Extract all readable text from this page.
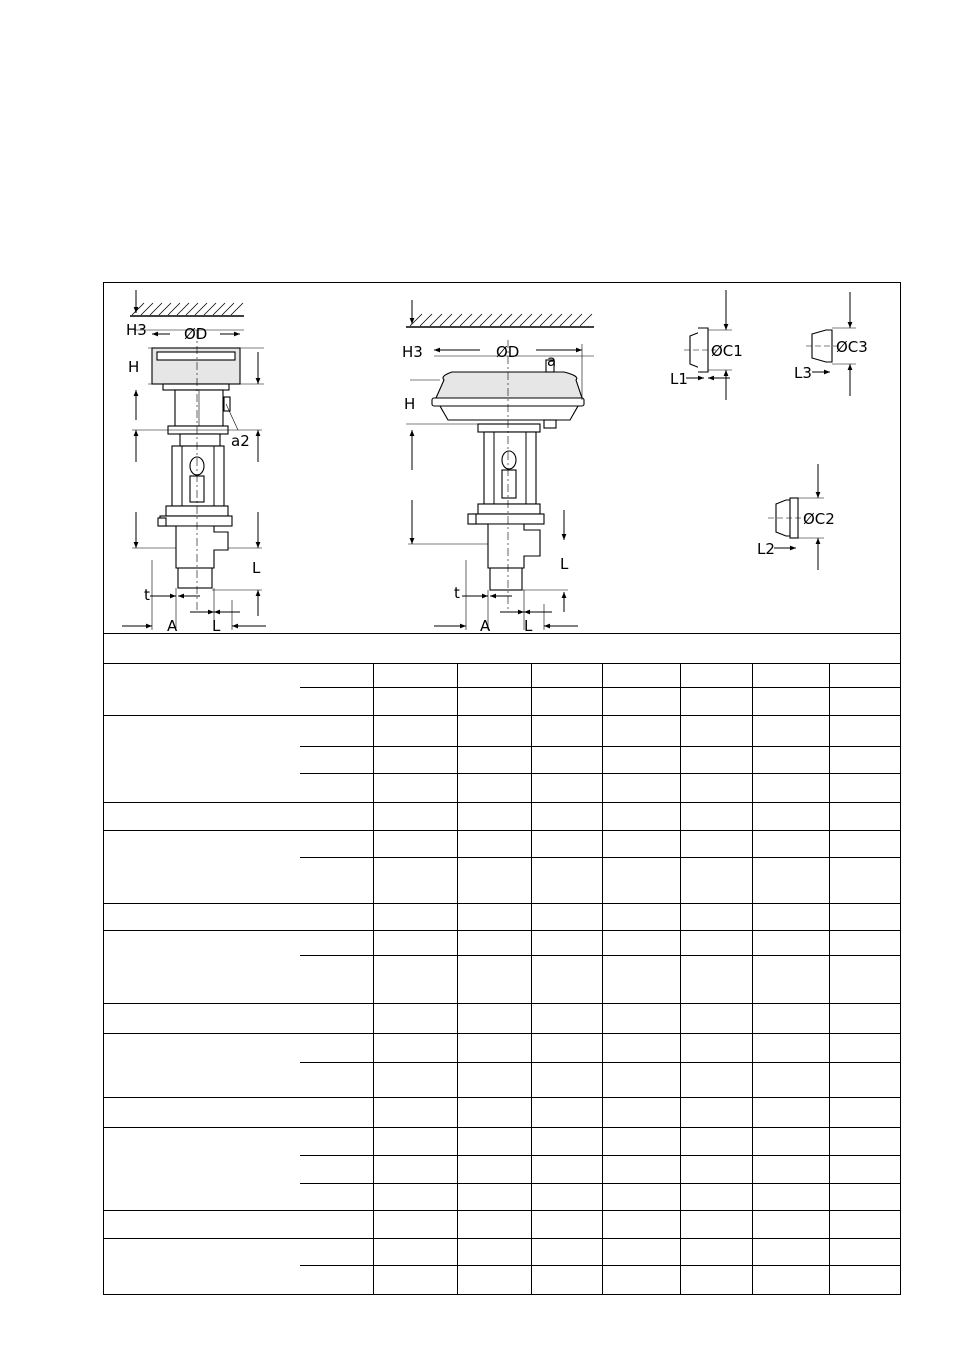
H3 ØD
H
a2
L
t
A L
H3	ØD a
H
L
t
A L
ØC1
L1
ØC3
L3
ØC2
L2
